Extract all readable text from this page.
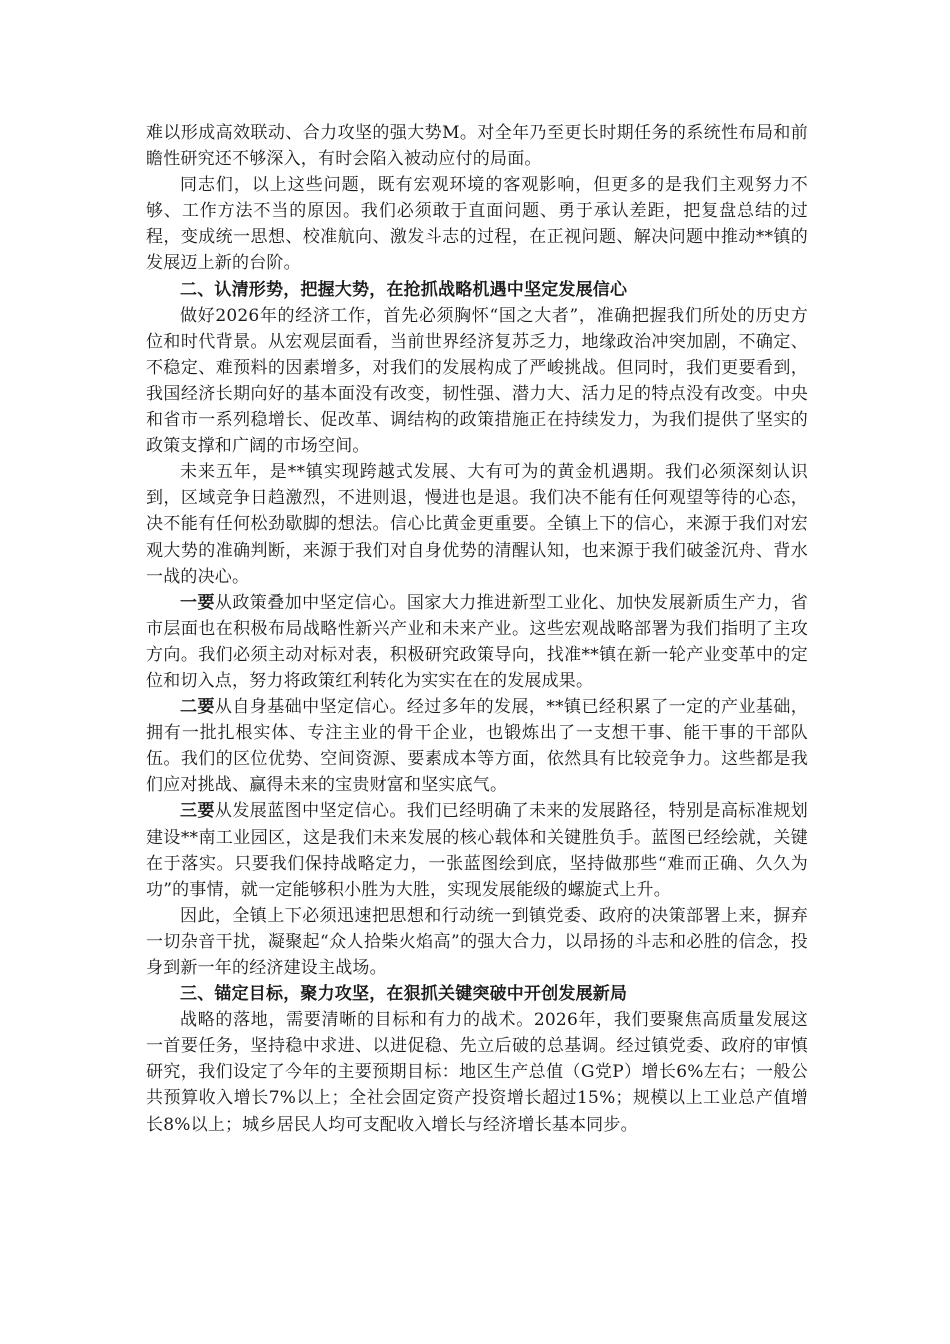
难以形成高效联动、合力攻坚的强大势M。对全年乃至更长时期任务的系统性布局和前瞻性研究还不够深入，有时会陷入被动应付的局面。

同志们，以上这些问题，既有宏观环境的客观影响，但更多的是我们主观努力不够、工作方法不当的原因。我们必须敢于直面问题、勇于承认差距，把复盘总结的过程，变成统一思想、校准航向、激发斗志的过程，在正视问题、解决问题中推动**镇的发展迈上新的台阶。

二、认清形势，把握大势，在抢抓战略机遇中坚定发展信心

做好2026年的经济工作，首先必须胸怀“国之大者”，准确把握我们所处的历史方位和时代背景。从宏观层面看，当前世界经济复苏乏力，地缘政治冲突加剧，不确定、不稳定、难预料的因素增多，对我们的发展构成了严峻挑战。但同时，我们更要看到，我国经济长期向好的基本面没有改变，韧性强、潜力大、活力足的特点没有改变。中央和省市一系列稳增长、促改革、调结构的政策措施正在持续发力，为我们提供了坚实的政策支撑和广阔的市场空间。

未来五年，是**镇实现跨越式发展、大有可为的黄金机遇期。我们必须深刻认识到，区域竞争日趋激烈，不进则退，慢进也是退。我们决不能有任何观望等待的心态，决不能有任何松劲歇脚的想法。信心比黄金更重要。全镇上下的信心，来源于我们对宏观大势的准确判断，来源于我们对自身优势的清醒认知，也来源于我们破釜沉舟、背水一战的决心。

一要从政策叠加中坚定信心。国家大力推进新型工业化、加快发展新质生产力，省市层面也在积极布局战略性新兴产业和未来产业。这些宏观战略部署为我们指明了主攻方向。我们必须主动对标对表，积极研究政策导向，找准**镇在新一轮产业变革中的定位和切入点，努力将政策红利转化为实实在在的发展成果。

二要从自身基础中坚定信心。经过多年的发展，**镇已经积累了一定的产业基础，拥有一批扎根实体、专注主业的骨干企业，也锻炼出了一支想干事、能干事的干部队伍。我们的区位优势、空间资源、要素成本等方面，依然具有比较竞争力。这些都是我们应对挑战、赢得未来的宝贵财富和坚实底气。

三要从发展蓝图中坚定信心。我们已经明确了未来的发展路径，特别是高标准规划建设**南工业园区，这是我们未来发展的核心载体和关键胜负手。蓝图已经绘就，关键在于落实。只要我们保持战略定力，一张蓝图绘到底，坚持做那些“难而正确、久久为功”的事情，就一定能够积小胜为大胜，实现发展能级的螺旋式上升。

因此，全镇上下必须迅速把思想和行动统一到镇党委、政府的决策部署上来，摒弃一切杂音干扰，凝聚起“众人拾柴火焰高”的强大合力，以昂扬的斗志和必胜的信念，投身到新一年的经济建设主战场。

三、锚定目标，聚力攻坚，在狠抓关键突破中开创发展新局

战略的落地，需要清晰的目标和有力的战术。2026年，我们要聚焦高质量发展这一首要任务，坚持稳中求进、以进促稳、先立后破的总基调。经过镇党委、政府的审慎研究，我们设定了今年的主要预期目标：地区生产总值（G党P）增长6%左右；一般公共预算收入增长7%以上；全社会固定资产投资增长超过15%；规模以上工业总产值增长8%以上；城乡居民人均可支配收入增长与经济增长基本同步。
